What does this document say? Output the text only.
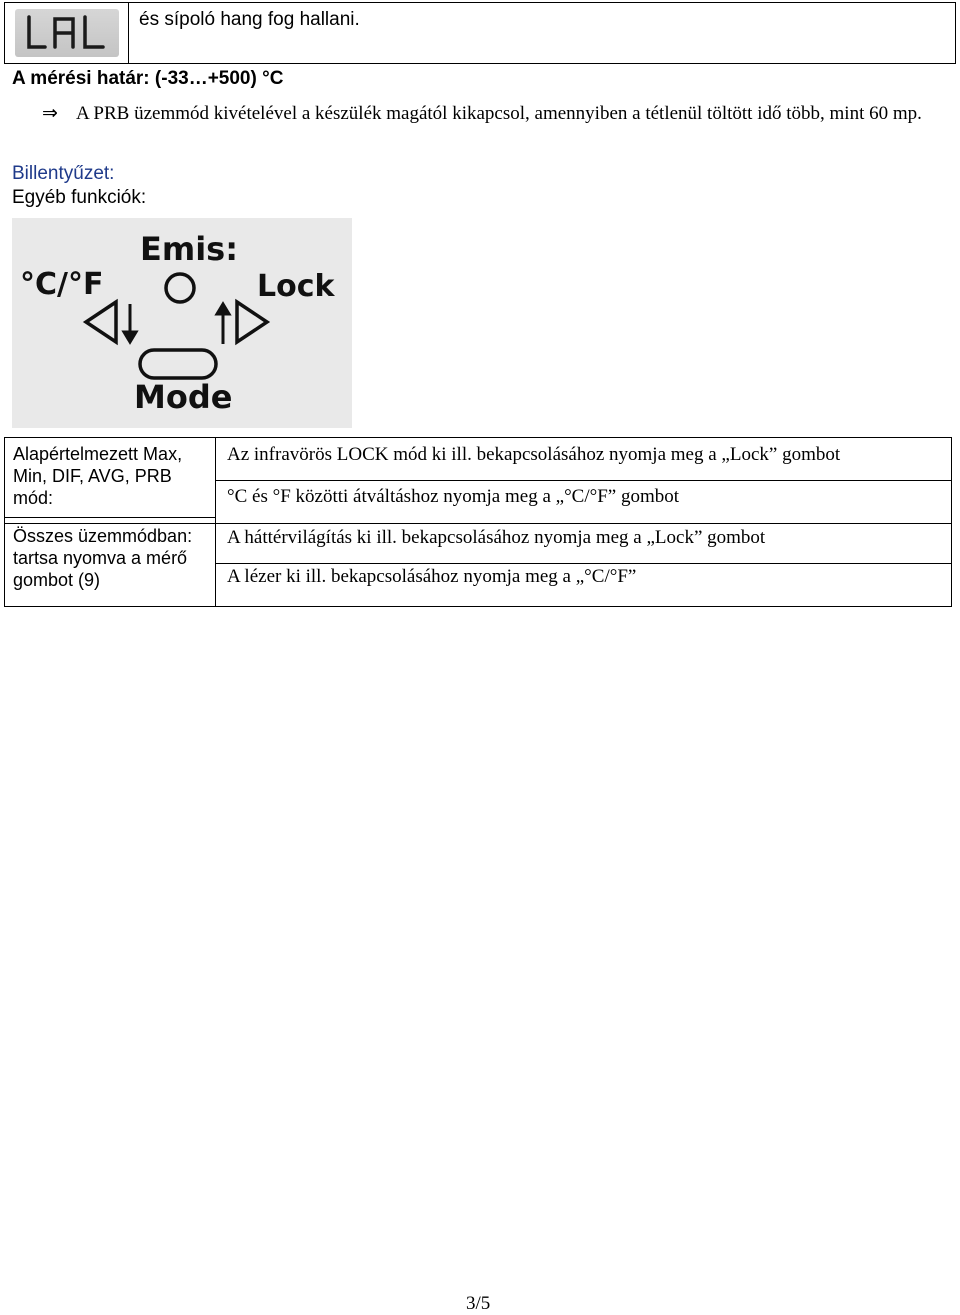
és sípoló hang fog hallani.
A mérési határ: (-33…+500) °C
⇒ A PRB üzemmód kivételével a készülék magától kikapcsol, amennyiben a tétlenül töltött idő több, mint 60 mp.
Billentyűzet:
Egyéb funkciók:
Emis:
°C/°F	Lock
Mode
Alapértelmezett Max, Min, DIF, AVG, PRB mód:
Összes üzemmódban: tartsa nyomva a mérő gombot (9)
Az infravörös LOCK mód ki ill. bekapcsolásához nyomja meg a „Lock” gombot
°C és °F közötti átváltáshoz nyomja meg a „°C/°F” gombot
A háttérvilágítás ki ill. bekapcsolásához nyomja meg a „Lock” gombot
A lézer ki ill. bekapcsolásához nyomja meg a „°C/°F”
3/5
